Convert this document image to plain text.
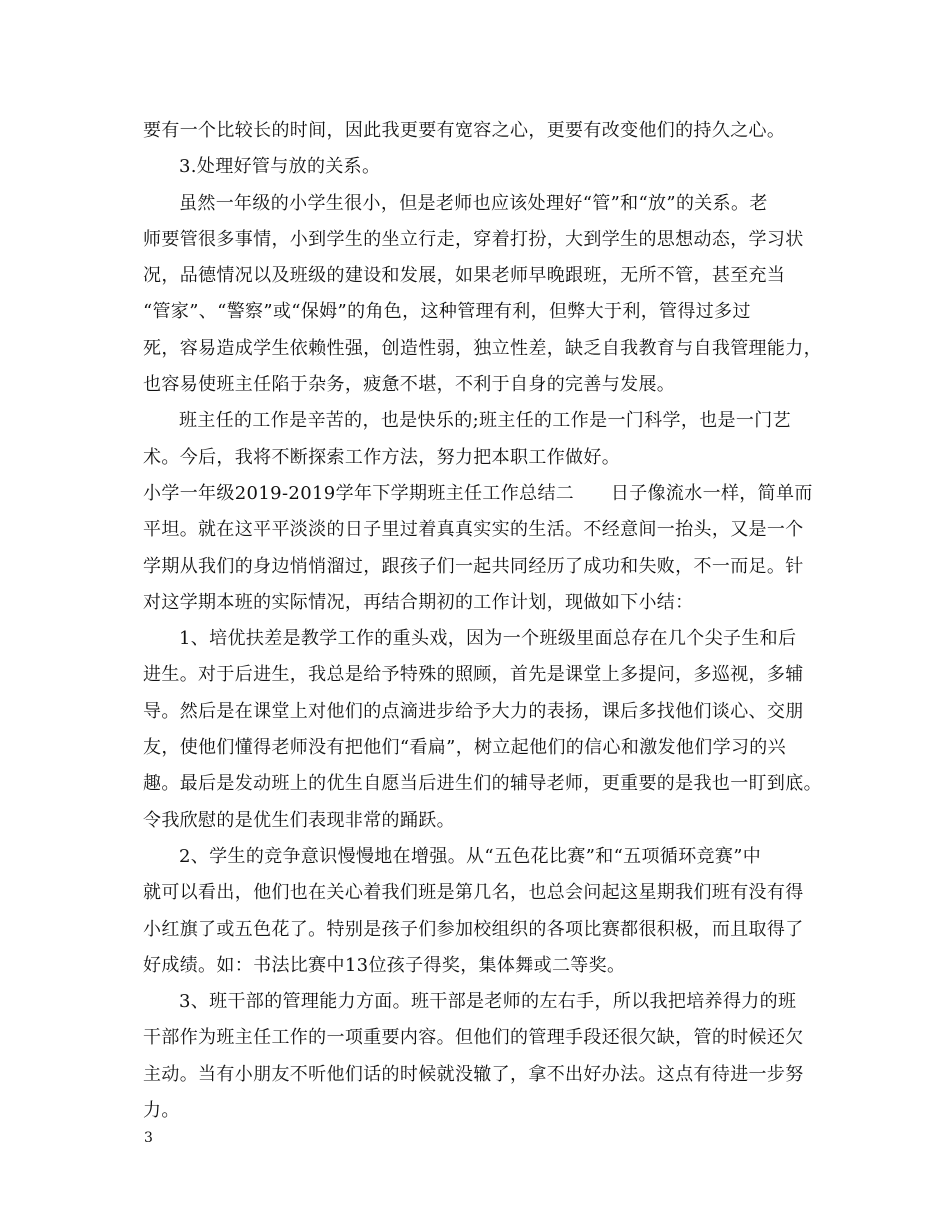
要有一个比较长的时间，因此我更要有宽容之心，更要有改变他们的持久之心。
3.处理好管与放的关系。
虽然一年级的小学生很小，但是老师也应该处理好“管”和“放”的关系。老
师要管很多事情，小到学生的坐立行走，穿着打扮，大到学生的思想动态，学习状
况，品德情况以及班级的建设和发展，如果老师早晚跟班，无所不管，甚至充当
“管家”、“警察”或“保姆”的角色，这种管理有利，但弊大于利，管得过多过
死，容易造成学生依赖性强，创造性弱，独立性差，缺乏自我教育与自我管理能力，
也容易使班主任陷于杂务，疲惫不堪，不利于自身的完善与发展。
班主任的工作是辛苦的，也是快乐的;班主任的工作是一门科学，也是一门艺
术。今后，我将不断探索工作方法，努力把本职工作做好。
小学一年级2019-2019学年下学期班主任工作总结二　　日子像流水一样，简单而
平坦。就在这平平淡淡的日子里过着真真实实的生活。不经意间一抬头，又是一个
学期从我们的身边悄悄溜过，跟孩子们一起共同经历了成功和失败，不一而足。针
对这学期本班的实际情况，再结合期初的工作计划，现做如下小结：
1、培优扶差是教学工作的重头戏，因为一个班级里面总存在几个尖子生和后
进生。对于后进生，我总是给予特殊的照顾，首先是课堂上多提问，多巡视，多辅
导。然后是在课堂上对他们的点滴进步给予大力的表扬，课后多找他们谈心、交朋
友，使他们懂得老师没有把他们“看扁”，树立起他们的信心和激发他们学习的兴
趣。最后是发动班上的优生自愿当后进生们的辅导老师，更重要的是我也一盯到底。
令我欣慰的是优生们表现非常的踊跃。
2、学生的竞争意识慢慢地在增强。从“五色花比赛”和“五项循环竞赛”中
就可以看出，他们也在关心着我们班是第几名，也总会问起这星期我们班有没有得
小红旗了或五色花了。特别是孩子们参加校组织的各项比赛都很积极，而且取得了
好成绩。如：书法比赛中13位孩子得奖，集体舞或二等奖。
3、班干部的管理能力方面。班干部是老师的左右手，所以我把培养得力的班
干部作为班主任工作的一项重要内容。但他们的管理手段还很欠缺，管的时候还欠
主动。当有小朋友不听他们话的时候就没辙了，拿不出好办法。这点有待进一步努
力。
3
